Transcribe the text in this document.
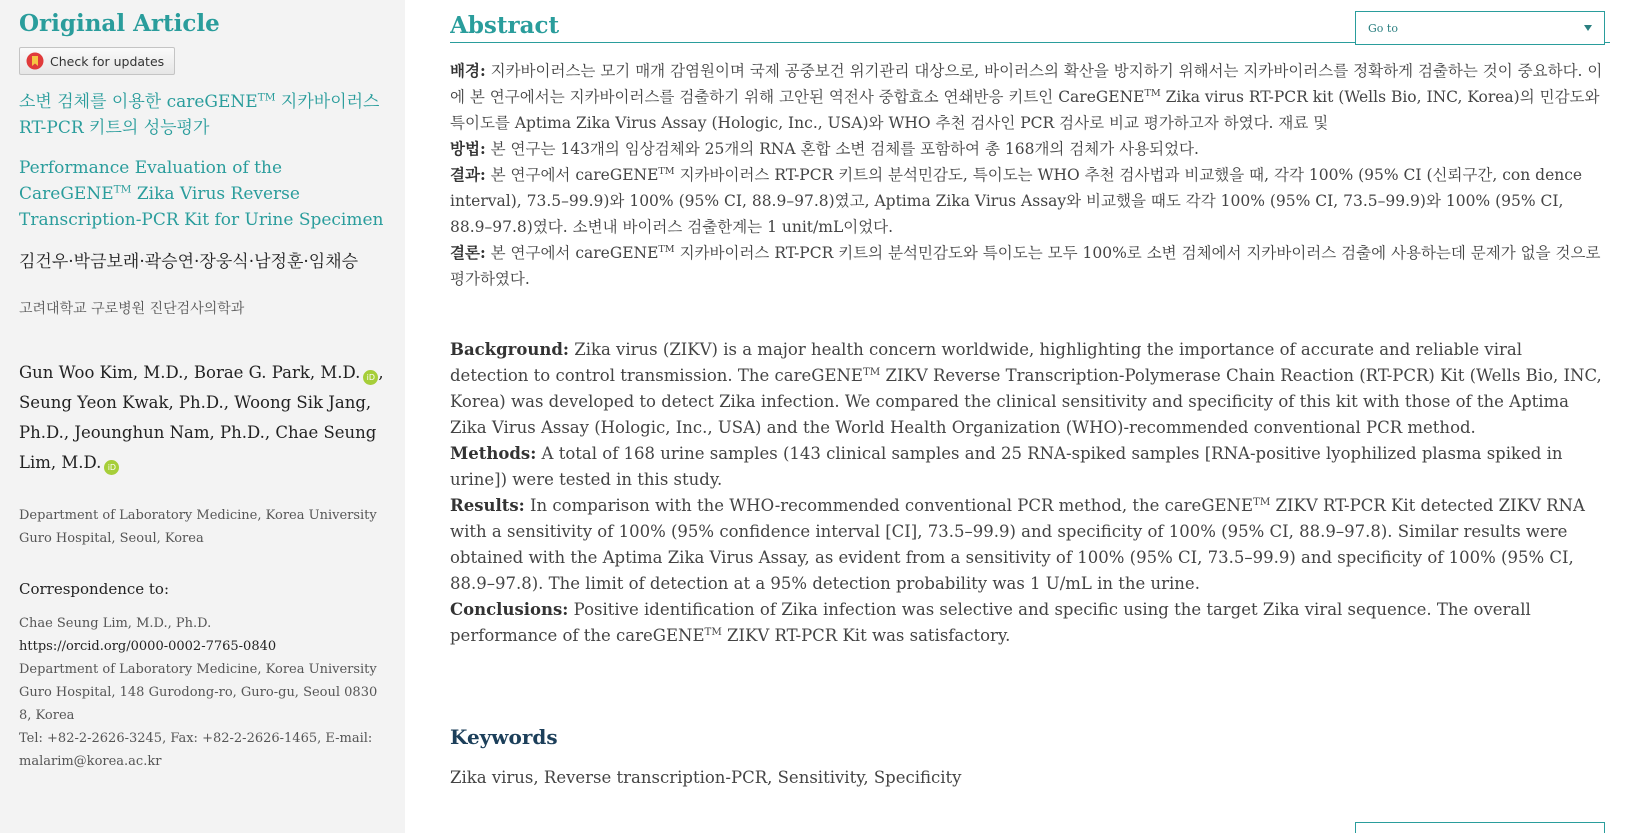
Original Article
Check for updates
소변 검체를 이용한 careGENE™ 지카바이러스 RT-PCR 키트의 성능평가
Performance Evaluation of the CareGENE™ Zika Virus Reverse Transcription-PCR Kit for Urine Specimen
김건우·박금보래·곽승연·장웅식·남정훈·임채승
고려대학교 구로병원 진단검사의학과
Gun Woo Kim, M.D., Borae G. Park, M.D. iD , Seung Yeon Kwak, Ph.D., Woong Sik Jang, Ph.D., Jeounghun Nam, Ph.D., Chae Seung Lim, M.D. iD
Department of Laboratory Medicine, Korea University Guro Hospital, Seoul, Korea
Correspondence to:
Chae Seung Lim, M.D., Ph.D.
https://orcid.org/0000-0002-7765-0840
Department of Laboratory Medicine, Korea University Guro Hospital, 148 Gurodong-ro, Guro-gu, Seoul 08308, Korea
Tel: +82-2-2626-3245, Fax: +82-2-2626-1465, E-mail: malarim@korea.ac.kr
Abstract	Go to

배경: 지카바이러스는 모기 매개 감염원이며 국제 공중보건 위기관리 대상으로, 바이러스의 확산을 방지하기 위해서는 지카바이러스를 정확하게 검출하는 것이 중요하다. 이에 본 연구에서는 지카바이러스를 검출하기 위해 고안된 역전사 중합효소 연쇄반응 키트인 CareGENE™ Zika virus RT-PCR kit (Wells Bio, INC, Korea)의 민감도와 특이도를 Aptima Zika Virus Assay (Hologic, Inc., USA)와 WHO 추천 검사인 PCR 검사로 비교 평가하고자 하였다. 재료 및

방법: 본 연구는 143개의 임상검체와 25개의 RNA 혼합 소변 검체를 포함하여 총 168개의 검체가 사용되었다.

결과: 본 연구에서 careGENE™ 지카바이러스 RT-PCR 키트의 분석민감도, 특이도는 WHO 추천 검사법과 비교했을 때, 각각 100% (95% CI (신뢰구간, con dence interval), 73.5–99.9)와 100% (95% CI, 88.9–97.8)였고, Aptima Zika Virus Assay와 비교했을 때도 각각 100% (95% CI, 73.5–99.9)와 100% (95% CI, 88.9–97.8)였다. 소변내 바이러스 검출한계는 1 unit/mL이었다.

결론: 본 연구에서 careGENE™ 지카바이러스 RT-PCR 키트의 분석민감도와 특이도는 모두 100%로 소변 검체에서 지카바이러스 검출에 사용하는데 문제가 없을 것으로 평가하였다.

Background: Zika virus (ZIKV) is a major health concern worldwide, highlighting the importance of accurate and reliable viral detection to control transmission. The careGENE™ ZIKV Reverse Transcription-Polymerase Chain Reaction (RT-PCR) Kit (Wells Bio, INC, Korea) was developed to detect Zika infection. We compared the clinical sensitivity and specificity of this kit with those of the Aptima Zika Virus Assay (Hologic, Inc., USA) and the World Health Organization (WHO)-recommended conventional PCR method.

Methods: A total of 168 urine samples (143 clinical samples and 25 RNA-spiked samples [RNA-positive lyophilized plasma spiked in urine]) were tested in this study.

Results: In comparison with the WHO-recommended conventional PCR method, the careGENE™ ZIKV RT-PCR Kit detected ZIKV RNA with a sensitivity of 100% (95% confidence interval [CI], 73.5–99.9) and specificity of 100% (95% CI, 88.9–97.8). Similar results were obtained with the Aptima Zika Virus Assay, as evident from a sensitivity of 100% (95% CI, 73.5–99.9) and specificity of 100% (95% CI, 88.9–97.8). The limit of detection at a 95% detection probability was 1 U/mL in the urine.

Conclusions: Positive identification of Zika infection was selective and specific using the target Zika viral sequence. The overall performance of the careGENE™ ZIKV RT-PCR Kit was satisfactory.

Keywords
Zika virus, Reverse transcription-PCR, Sensitivity, Specificity
